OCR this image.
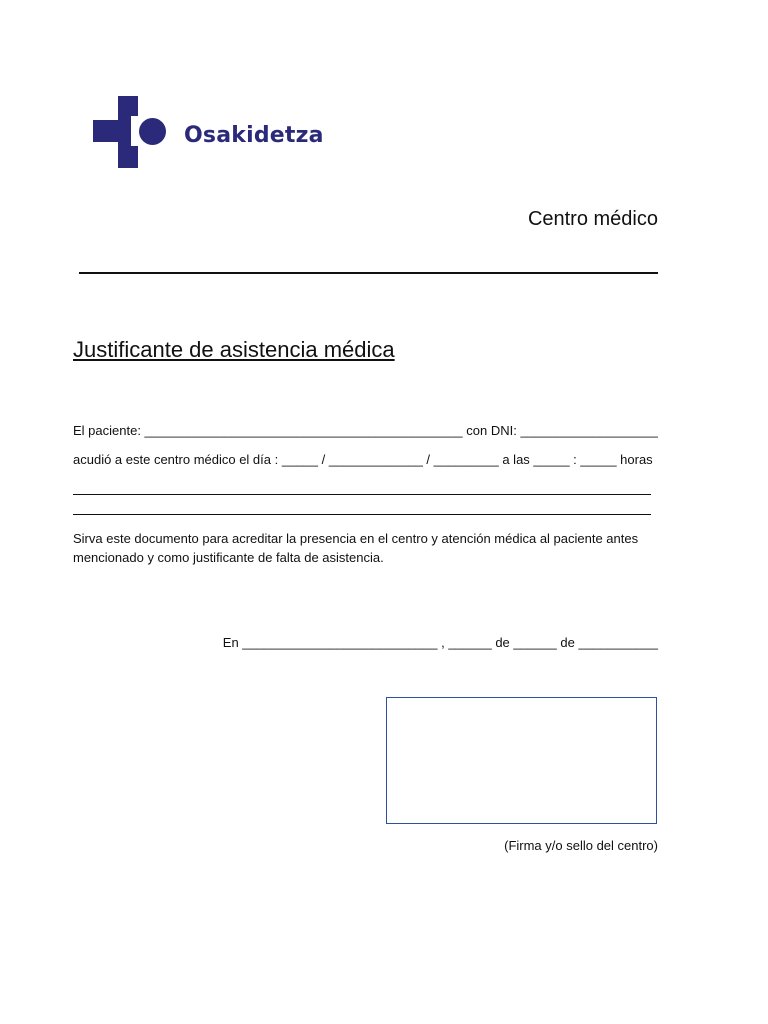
Osakidetza
Centro médico
Justificante de asistencia médica
El paciente: ____________________________________________ con DNI: ___________________
acudió a este centro médico el día : _____ / _____________ / _________ a las _____ : _____ horas
Sirva este documento para acreditar la presencia en el centro y atención médica al paciente antes mencionado y como justificante de falta de asistencia.
En ___________________________ , ______ de ______ de ___________
(Firma y/o sello del centro)
